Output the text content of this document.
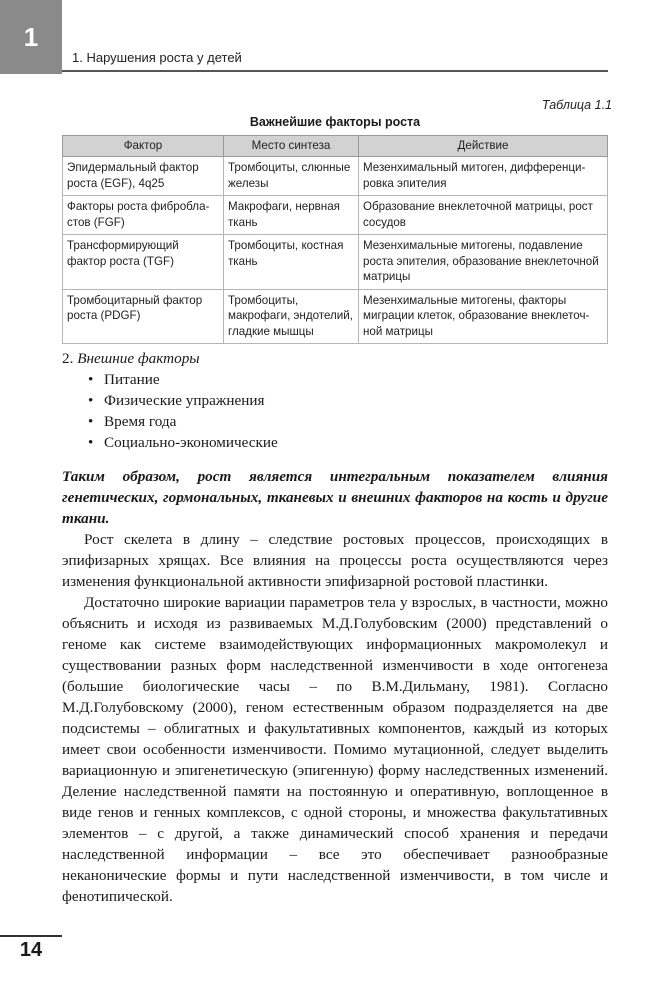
1
1. Нарушения роста у детей
Таблица 1.1
Важнейшие факторы роста
Фактор	Место синтеза	Действие
Эпидермальный фактор роста (EGF), 4q25	Тромбоциты, слюнные железы	Мезенхимальный митоген, дифференцировка эпителия
Факторы роста фибробластов (FGF)	Макрофаги, нервная ткань	Образование внеклеточной матрицы, рост сосудов
Трансформирующий фактор роста (TGF)	Тромбоциты, костная ткань	Мезенхимальные митогены, подавление роста эпителия, образование внеклеточной матрицы
Тромбоцитарный фактор роста (PDGF)	Тромбоциты, макрофаги, эндотелий, гладкие мышцы	Мезенхимальные митогены, факторы миграции клеток, образование внеклеточной матрицы
2. Внешние факторы
• Питание
• Физические упражнения
• Время года
• Социально-экономические
Таким образом, рост является интегральным показателем влияния генетических, гормональных, тканевых и внешних факторов на кость и другие ткани.

Рост скелета в длину – следствие ростовых процессов, происходящих в эпифизарных хрящах. Все влияния на процессы роста осуществляются через изменения функциональной активности эпифизарной ростовой пластинки.

Достаточно широкие вариации параметров тела у взрослых, в частности, можно объяснить и исходя из развиваемых М.Д.Голубовским (2000) представлений о геноме как системе взаимодействующих информационных макромолекул и существовании разных форм наследственной изменчивости в ходе онтогенеза (большие биологические часы – по В.М.Дильману, 1981). Согласно М.Д.Голубовскому (2000), геном естественным образом подразделяется на две подсистемы – облигатных и факультативных компонентов, каждый из которых имеет свои особенности изменчивости. Помимо мутационной, следует выделить вариационную и эпигенетическую (эпигенную) форму наследственных изменений. Деление наследственной памяти на постоянную и оперативную, воплощенное в виде генов и генных комплексов, с одной стороны, и множества факультативных элементов – с другой, а также динамический способ хранения и передачи наследственной информации – все это обеспечивает разнообразные неканонические формы и пути наследственной изменчивости, в том числе и фенотипической.

14
